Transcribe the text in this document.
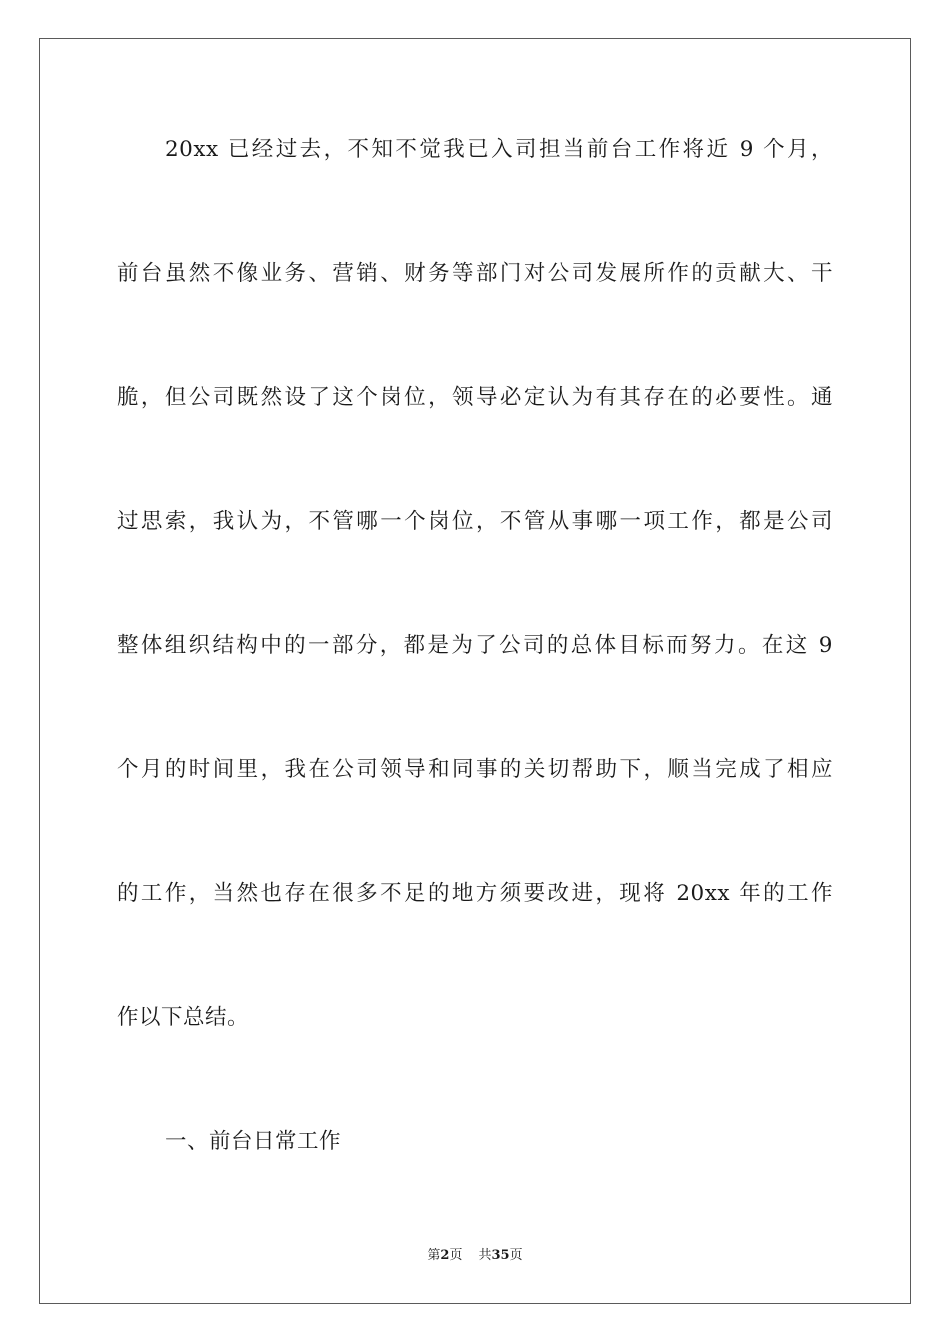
20xx 已经过去，不知不觉我已入司担当前台工作将近 9 个月，
前台虽然不像业务、营销、财务等部门对公司发展所作的贡献大、干
脆，但公司既然设了这个岗位，领导必定认为有其存在的必要性。通
过思索，我认为，不管哪一个岗位，不管从事哪一项工作，都是公司
整体组织结构中的一部分，都是为了公司的总体目标而努力。在这 9
个月的时间里，我在公司领导和同事的关切帮助下，顺当完成了相应
的工作，当然也存在很多不足的地方须要改进，现将 20xx 年的工作
作以下总结。
一、前台日常工作
第2页 共35页
